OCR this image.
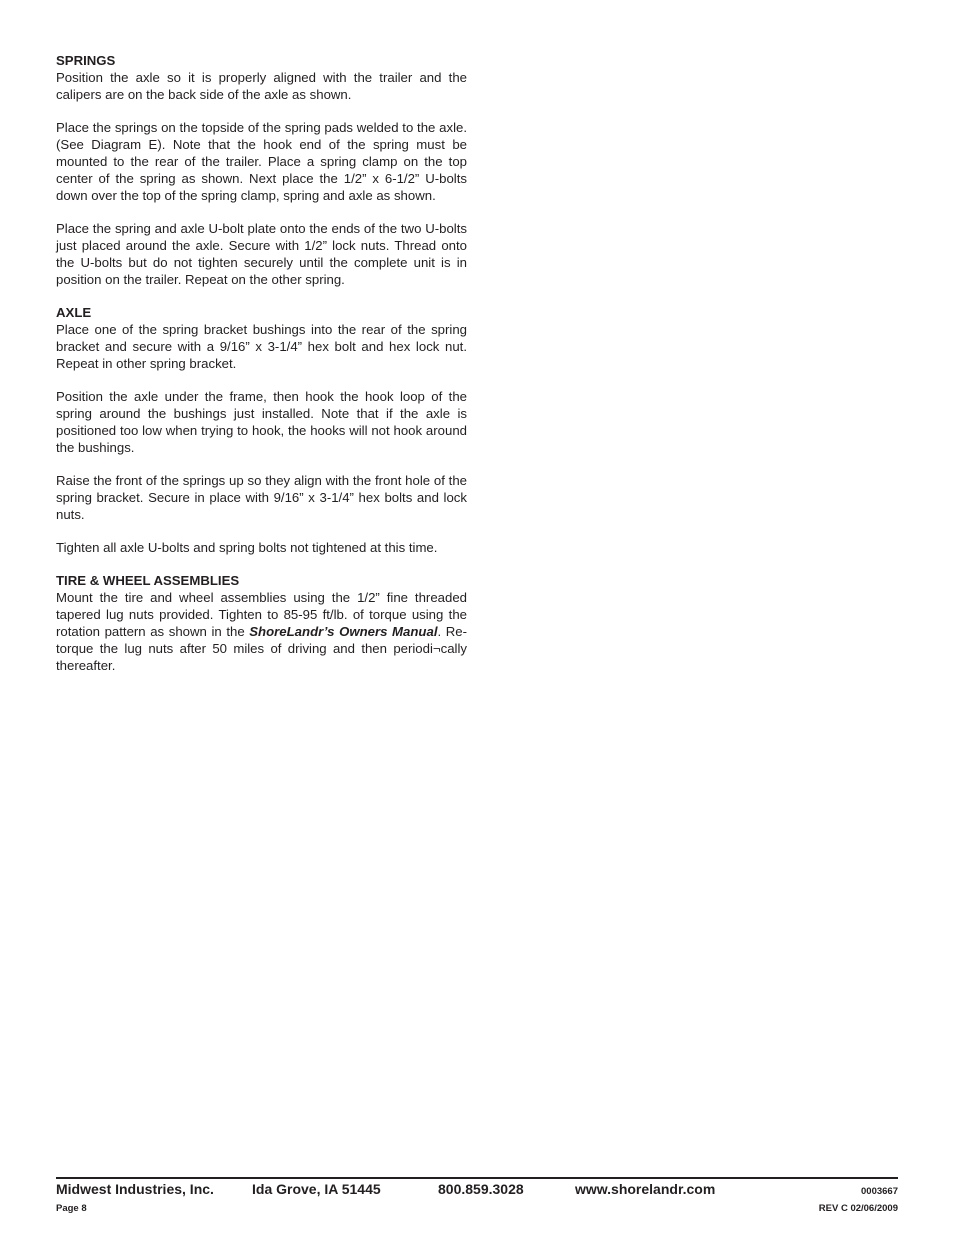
SPRINGS

Position the axle so it is properly aligned with the trailer and the calipers are on the back side of the axle as shown.

Place the springs on the topside of the spring pads welded to the axle. (See Diagram E). Note that the hook end of the spring must be mounted to the rear of the trailer. Place a spring clamp on the top center of the spring as shown. Next place the 1/2” x 6-1/2” U-bolts down over the top of the spring clamp, spring and axle as shown.

Place the spring and axle U-bolt plate onto the ends of the two U-bolts just placed around the axle. Secure with 1/2” lock nuts. Thread onto the U-bolts but do not tighten securely until the complete unit is in position on the trailer. Repeat on the other spring.

AXLE

Place one of the spring bracket bushings into the rear of the spring bracket and secure with a 9/16” x 3-1/4” hex bolt and hex lock nut. Repeat in other spring bracket.

Position the axle under the frame, then hook the hook loop of the spring around the bushings just installed. Note that if the axle is positioned too low when trying to hook, the hooks will not hook around the bushings.

Raise the front of the springs up so they align with the front hole of the spring bracket. Secure in place with 9/16” x 3-1/4” hex bolts and lock nuts.

Tighten all axle U-bolts and spring bolts not tightened at this time.

TIRE & WHEEL ASSEMBLIES

Mount the tire and wheel assemblies using the 1/2” fine threaded tapered lug nuts provided. Tighten to 85-95 ft/lb. of torque using the rotation pattern as shown in the ShoreLandr’s Owners Manual. Re-torque the lug nuts after 50 miles of driving and then periodi¬cally thereafter.

Midwest Industries, Inc.	Ida Grove, IA 51445	800.859.3028	www.shorelandr.com	0003667
Page 8	REV C 02/06/2009
